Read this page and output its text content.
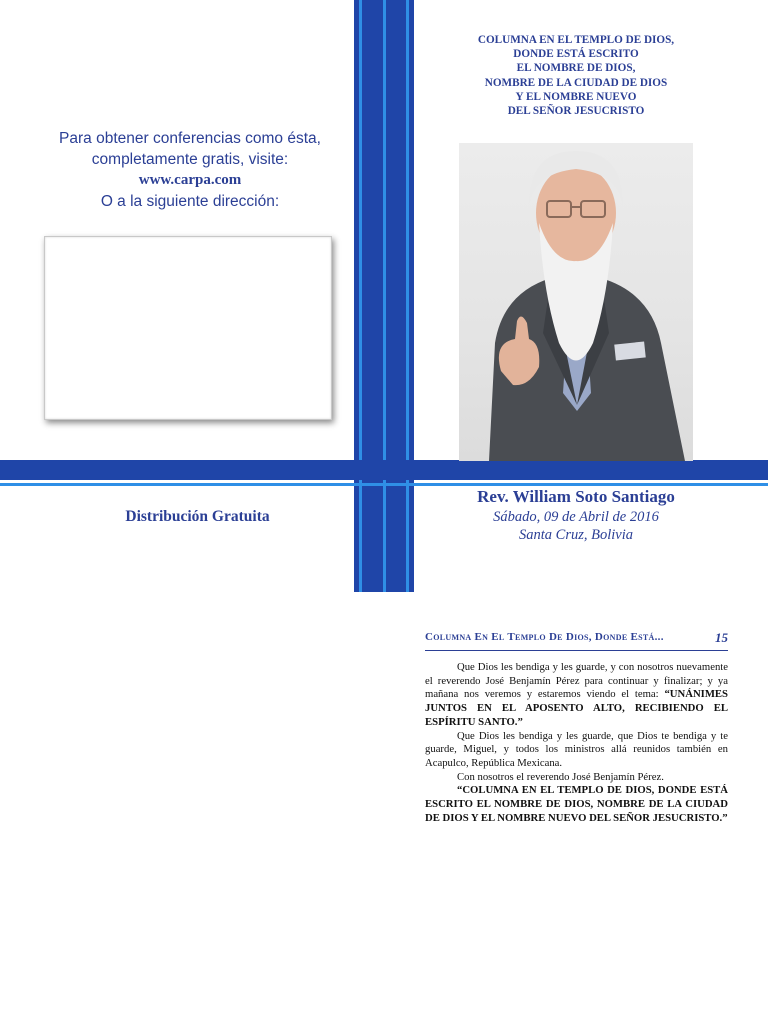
Para obtener conferencias como ésta,
completamente gratis, visite:
www.carpa.com
O a la siguiente dirección:
Distribución Gratuita
COLUMNA EN EL TEMPLO DE DIOS,
DONDE ESTÁ ESCRITO
EL NOMBRE DE DIOS,
NOMBRE DE LA CIUDAD DE DIOS
Y EL NOMBRE NUEVO
DEL SEÑOR JESUCRISTO
Rev. William Soto Santiago
Sábado, 09 de Abril de 2016
Santa Cruz, Bolivia
Columna En El Templo De Dios, Donde Está...	15

Que Dios les bendiga y les guarde, y con nosotros nuevamente el reverendo José Benjamín Pérez para continuar y finalizar; y ya mañana nos veremos y estaremos viendo el tema: “UNÁNIMES JUNTOS EN EL APOSENTO ALTO, RECIBIENDO EL ESPÍRITU SANTO.”

Que Dios les bendiga y les guarde, que Dios te bendiga y te guarde, Miguel, y todos los ministros allá reunidos también en Acapulco, República Mexicana.

Con nosotros el reverendo José Benjamín Pérez.

“COLUMNA EN EL TEMPLO DE DIOS, DONDE ESTÁ ESCRITO EL NOMBRE DE DIOS, NOMBRE DE LA CIUDAD DE DIOS Y EL NOMBRE NUEVO DEL SEÑOR JESUCRISTO.”
